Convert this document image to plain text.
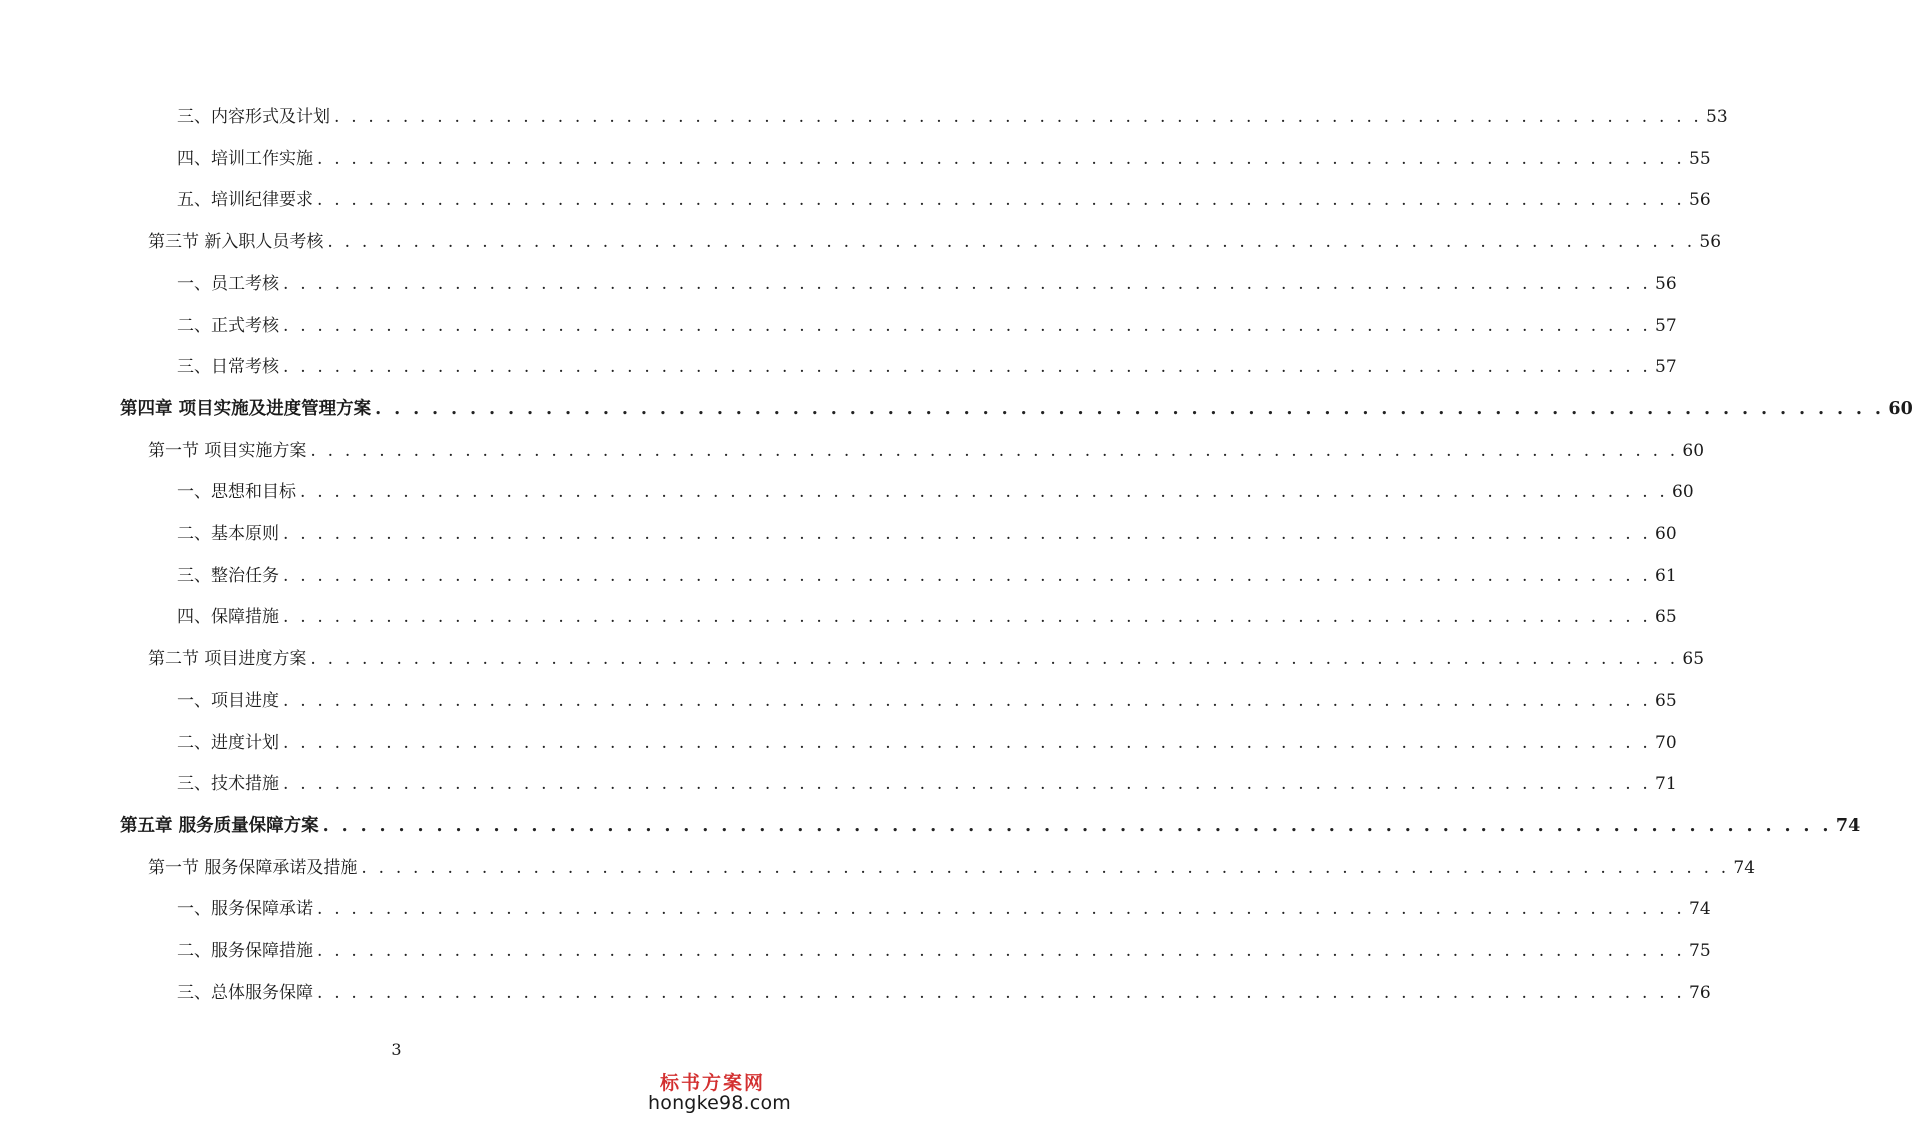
三、内容形式及计划 . . . . . . . . . . . . . . . . . . . . . . . . . . . . . . . . . . . . . . . . . . . . . . . . . . . . . . . . . . . . . . . . . . . . . . . . . . . . . . . . 53
四、培训工作实施 . . . . . . . . . . . . . . . . . . . . . . . . . . . . . . . . . . . . . . . . . . . . . . . . . . . . . . . . . . . . . . . . . . . . . . . . . . . . . . . . 55
五、培训纪律要求 . . . . . . . . . . . . . . . . . . . . . . . . . . . . . . . . . . . . . . . . . . . . . . . . . . . . . . . . . . . . . . . . . . . . . . . . . . . . . . . . 56
第三节 新入职人员考核 . . . . . . . . . . . . . . . . . . . . . . . . . . . . . . . . . . . . . . . . . . . . . . . . . . . . . . . . . . . . . . . . . . . . . . . . . . . . . . . . 56
一、员工考核 . . . . . . . . . . . . . . . . . . . . . . . . . . . . . . . . . . . . . . . . . . . . . . . . . . . . . . . . . . . . . . . . . . . . . . . . . . . . . . . . 56
二、正式考核 . . . . . . . . . . . . . . . . . . . . . . . . . . . . . . . . . . . . . . . . . . . . . . . . . . . . . . . . . . . . . . . . . . . . . . . . . . . . . . . . 57
三、日常考核 . . . . . . . . . . . . . . . . . . . . . . . . . . . . . . . . . . . . . . . . . . . . . . . . . . . . . . . . . . . . . . . . . . . . . . . . . . . . . . . . 57
第四章 项目实施及进度管理方案 . . . . . . . . . . . . . . . . . . . . . . . . . . . . . . . . . . . . . . . . . . . . . . . . . . . . . . . . . . . . . . . . . . . . . . . . . . . . . . . . 60
第一节 项目实施方案 . . . . . . . . . . . . . . . . . . . . . . . . . . . . . . . . . . . . . . . . . . . . . . . . . . . . . . . . . . . . . . . . . . . . . . . . . . . . . . . . 60
一、思想和目标 . . . . . . . . . . . . . . . . . . . . . . . . . . . . . . . . . . . . . . . . . . . . . . . . . . . . . . . . . . . . . . . . . . . . . . . . . . . . . . . . 60
二、基本原则 . . . . . . . . . . . . . . . . . . . . . . . . . . . . . . . . . . . . . . . . . . . . . . . . . . . . . . . . . . . . . . . . . . . . . . . . . . . . . . . . 60
三、整治任务 . . . . . . . . . . . . . . . . . . . . . . . . . . . . . . . . . . . . . . . . . . . . . . . . . . . . . . . . . . . . . . . . . . . . . . . . . . . . . . . . 61
四、保障措施 . . . . . . . . . . . . . . . . . . . . . . . . . . . . . . . . . . . . . . . . . . . . . . . . . . . . . . . . . . . . . . . . . . . . . . . . . . . . . . . . 65
第二节 项目进度方案 . . . . . . . . . . . . . . . . . . . . . . . . . . . . . . . . . . . . . . . . . . . . . . . . . . . . . . . . . . . . . . . . . . . . . . . . . . . . . . . . 65
一、项目进度 . . . . . . . . . . . . . . . . . . . . . . . . . . . . . . . . . . . . . . . . . . . . . . . . . . . . . . . . . . . . . . . . . . . . . . . . . . . . . . . . 65
二、进度计划 . . . . . . . . . . . . . . . . . . . . . . . . . . . . . . . . . . . . . . . . . . . . . . . . . . . . . . . . . . . . . . . . . . . . . . . . . . . . . . . . 70
三、技术措施 . . . . . . . . . . . . . . . . . . . . . . . . . . . . . . . . . . . . . . . . . . . . . . . . . . . . . . . . . . . . . . . . . . . . . . . . . . . . . . . . 71
第五章 服务质量保障方案 . . . . . . . . . . . . . . . . . . . . . . . . . . . . . . . . . . . . . . . . . . . . . . . . . . . . . . . . . . . . . . . . . . . . . . . . . . . . . . . . 74
第一节 服务保障承诺及措施 . . . . . . . . . . . . . . . . . . . . . . . . . . . . . . . . . . . . . . . . . . . . . . . . . . . . . . . . . . . . . . . . . . . . . . . . . . . . . . . . 74
一、服务保障承诺 . . . . . . . . . . . . . . . . . . . . . . . . . . . . . . . . . . . . . . . . . . . . . . . . . . . . . . . . . . . . . . . . . . . . . . . . . . . . . . . . 74
二、服务保障措施 . . . . . . . . . . . . . . . . . . . . . . . . . . . . . . . . . . . . . . . . . . . . . . . . . . . . . . . . . . . . . . . . . . . . . . . . . . . . . . . . 75
三、总体服务保障 . . . . . . . . . . . . . . . . . . . . . . . . . . . . . . . . . . . . . . . . . . . . . . . . . . . . . . . . . . . . . . . . . . . . . . . . . . . . . . . . 76
3
标书方案网
hongke98.com
